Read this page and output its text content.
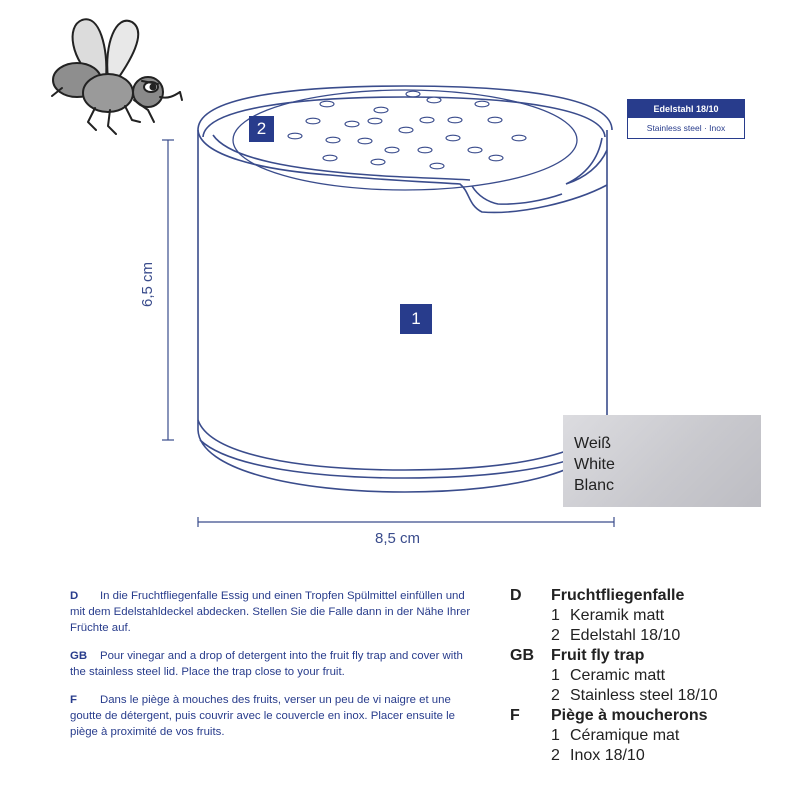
2
1
Edelstahl 18/10
Stainless steel · Inox
6,5 cm
8,5 cm
Weiß
White
Blanc
D In die Fruchtfliegenfalle Essig und einen Tropfen Spülmittel einfüllen und mit dem Edelstahldeckel abdecken. Stellen Sie die Falle dann in der Nähe Ihrer Früchte auf.
GB Pour vinegar and a drop of detergent into the fruit fly trap and cover with the stainless steel lid. Place the trap close to your fruit.
F Dans le piège à mouches des fruits, verser un peu de vi naigre et une goutte de détergent, puis couvrir avec le couvercle en inox. Placer ensuite le piège à proximité de vos fruits.
D	Fruchtfliegenfalle
1 Keramik matt
2 Edelstahl 18/10
GB	Fruit fly trap
1 Ceramic matt
2 Stainless steel 18/10
F	Piège à moucherons
1 Céramique mat
2 Inox 18/10
